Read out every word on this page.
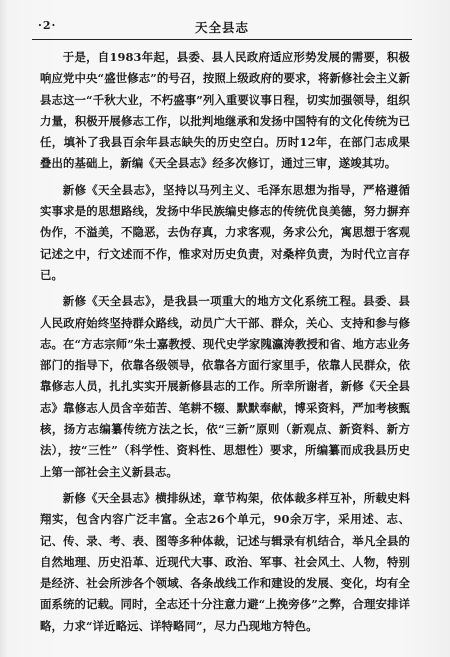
·2·	天全县志

于是，自1983年起，县委、县人民政府适应形势发展的需要，积极响应党中央“盛世修志”的号召，按照上级政府的要求，将新修社会主义新县志这一“千秋大业，不朽盛事”列入重要议事日程，切实加强领导，组织力量，积极开展修志工作，以批判地继承和发扬中国特有的文化传统为已任，填补了我县百余年县志缺失的历史空白。历时12年，在部门志成果叠出的基础上，新编《天全县志》经多次修订，通过三审，遂竣其功。

新修《天全县志》，坚持以马列主义、毛泽东思想为指导，严格遵循实事求是的思想路线，发扬中华民族编史修志的传统优良美德，努力摒弃伪作，不溢美，不隐恶，去伪存真，力求客观，务求公允，寓思想于客观记述之中，行文述而不作，惟求对历史负责，对桑梓负责，为时代立言存已。

新修《天全县志》，是我县一项重大的地方文化系统工程。县委、县人民政府始终坚持群众路线，动员广大干部、群众，关心、支持和参与修志。在“方志宗师”朱士嘉教授、现代史学家隗瀛涛教授和省、地方志业务部门的指导下，依靠各级领导，依靠各方面行家里手，依靠人民群众，依靠修志人员，扎扎实实开展新修县志的工作。所幸所谢者，新修《天全县志》靠修志人员含辛茹苦、笔耕不辍、默默奉献，博采资料，严加考核甄核，扬方志编纂传统方法之长，依“三新”原则（新观点、新资料、新方法），按“三性”（科学性、资料性、思想性）要求，所编纂而成我县历史上第一部社会主义新县志。

新修《天全县志》横排纵述，章节构架，依体裁多样互补，所载史料翔实，包含内容广泛丰富。全志26个单元，90余万字，采用述、志、记、传、录、考、表、图等多种体裁，记述与辑录有机结合，举凡全县的自然地理、历史沿革、近现代大事、政治、军事、社会风土、人物，特别是经济、社会所涉各个领域、各条战线工作和建设的发展、变化，均有全面系统的记载。同时，全志还十分注意力避“上挽旁侈”之弊，合理安排详略，力求“详近略远、详特略同”，尽力凸现地方特色。
